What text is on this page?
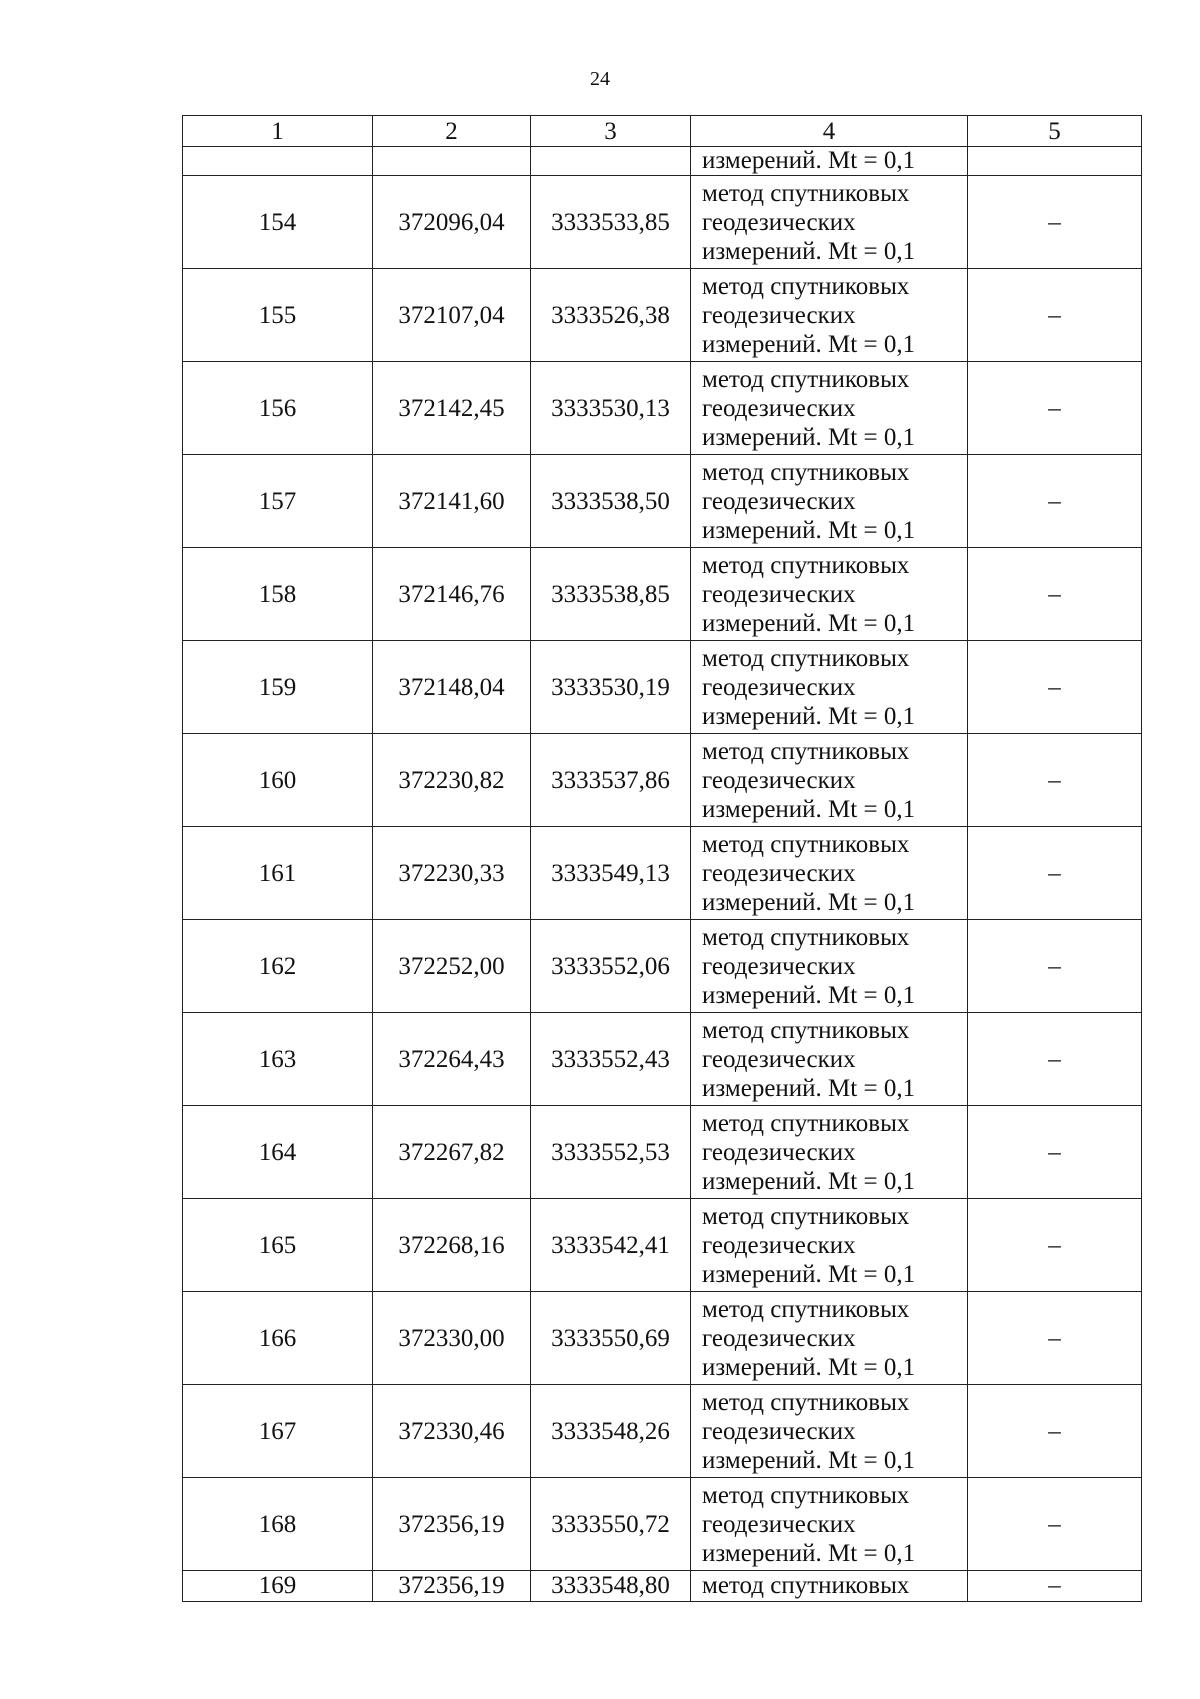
24
1	2	3	4	5
			измерений. Mt = 0,1	
154	372096,04	3333533,85	метод спутниковых
геодезических
измерений. Mt = 0,1	–
155	372107,04	3333526,38	метод спутниковых
геодезических
измерений. Mt = 0,1	–
156	372142,45	3333530,13	метод спутниковых
геодезических
измерений. Mt = 0,1	–
157	372141,60	3333538,50	метод спутниковых
геодезических
измерений. Mt = 0,1	–
158	372146,76	3333538,85	метод спутниковых
геодезических
измерений. Mt = 0,1	–
159	372148,04	3333530,19	метод спутниковых
геодезических
измерений. Mt = 0,1	–
160	372230,82	3333537,86	метод спутниковых
геодезических
измерений. Mt = 0,1	–
161	372230,33	3333549,13	метод спутниковых
геодезических
измерений. Mt = 0,1	–
162	372252,00	3333552,06	метод спутниковых
геодезических
измерений. Mt = 0,1	–
163	372264,43	3333552,43	метод спутниковых
геодезических
измерений. Mt = 0,1	–
164	372267,82	3333552,53	метод спутниковых
геодезических
измерений. Mt = 0,1	–
165	372268,16	3333542,41	метод спутниковых
геодезических
измерений. Mt = 0,1	–
166	372330,00	3333550,69	метод спутниковых
геодезических
измерений. Mt = 0,1	–
167	372330,46	3333548,26	метод спутниковых
геодезических
измерений. Mt = 0,1	–
168	372356,19	3333550,72	метод спутниковых
геодезических
измерений. Mt = 0,1	–
169	372356,19	3333548,80	метод спутниковых	–
